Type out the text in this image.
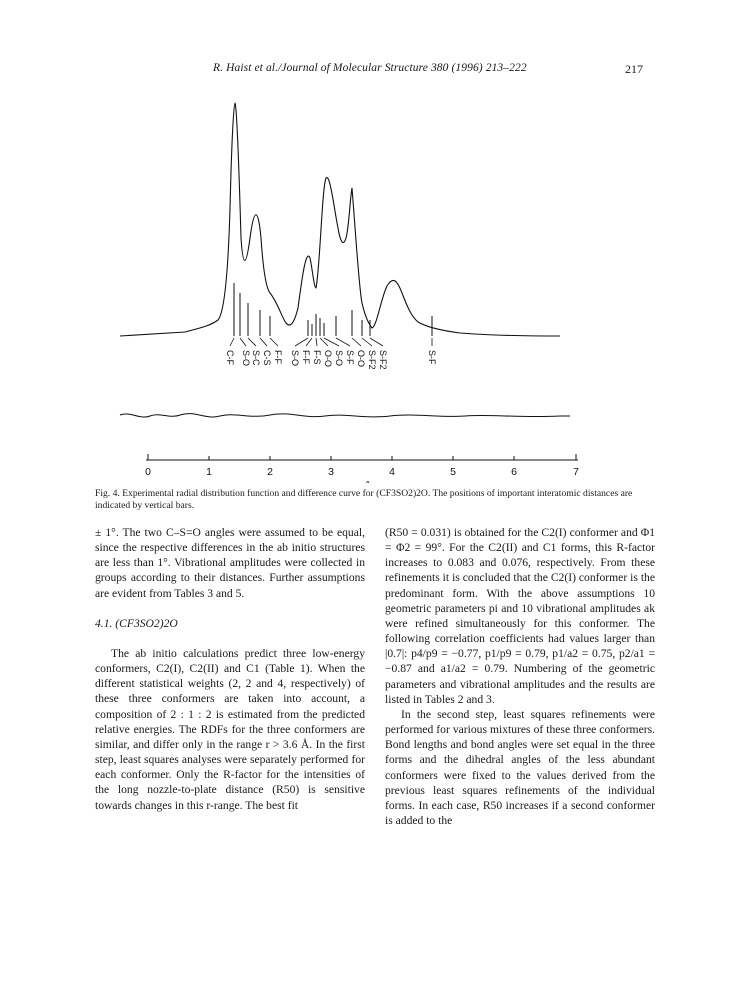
R. Haist et al./Journal of Molecular Structure 380 (1996) 213–222	217
C-F S-O S-C C-S F-F S-O F-F F-S O-O S-O S-F O-O S-F2 S-F2	S-F
0	1	2	3	4	5	6	7
Fig. 4. Experimental radial distribution function and difference curve for (CF3SO2)2O. The positions of important interatomic distances are indicated by vertical bars.

± 1°. The two C–S=O angles were assumed to be equal, since the respective differences in the ab initio structures are less than 1°. Vibrational amplitudes were collected in groups according to their distances. Further assumptions are evident from Tables 3 and 5.

4.1. (CF3SO2)2O

The ab initio calculations predict three low-energy conformers, C2(I), C2(II) and C1 (Table 1). When the different statistical weights (2, 2 and 4, respectively) of these three conformers are taken into account, a composition of 2 : 1 : 2 is estimated from the predicted relative energies. The RDFs for the three conformers are similar, and differ only in the range r > 3.6 Å. In the first step, least squares analyses were separately performed for each conformer. Only the R-factor for the intensities of the long nozzle-to-plate distance (R50) is sensitive towards changes in this r-range. The best fit

(R50 = 0.031) is obtained for the C2(I) conformer and Φ1 = Φ2 = 99°. For the C2(II) and C1 forms, this R-factor increases to 0.083 and 0.076, respectively. From these refinements it is concluded that the C2(I) conformer is the predominant form. With the above assumptions 10 geometric parameters pi and 10 vibrational amplitudes ak were refined simultaneously for this conformer. The following correlation coefficients had values larger than |0.7|: p4/p9 = −0.77, p1/p9 = 0.79, p1/a2 = 0.75, p2/a1 = −0.87 and a1/a2 = 0.79. Numbering of the geometric parameters and vibrational amplitudes and the results are listed in Tables 2 and 3.

In the second step, least squares refinements were performed for various mixtures of these three conformers. Bond lengths and bond angles were set equal in the three forms and the dihedral angles of the less abundant conformers were fixed to the values derived from the previous least squares refinements of the individual forms. In each case, R50 increases if a second conformer is added to the
